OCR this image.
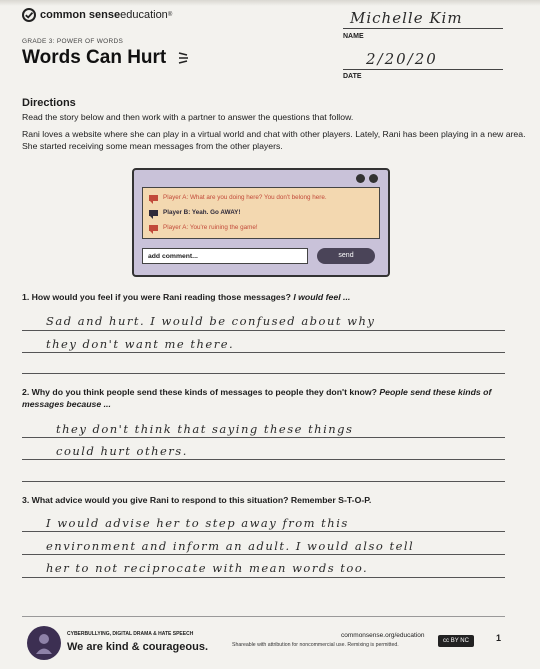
common sense education ®
GRADE 3: POWER OF WORDS
Words Can Hurt
Michelle Kim
NAME
2/20/20
DATE
Directions
Read the story below and then work with a partner to answer the questions that follow.
Rani loves a website where she can play in a virtual world and chat with other players. Lately, Rani has been playing in a new area. She started receiving some mean messages from the other players.
Player A: What are you doing here? You don't belong here.
Player B: Yeah. Go AWAY!
Player A: You're ruining the game!
add comment...	send
1. How would you feel if you were Rani reading those messages? I would feel ...
Sad and hurt. I would be confused about why
they don't want me there.
2. Why do you think people send these kinds of messages to people they don't know? People send these kinds of messages because ...
they don't think that saying these things
could hurt others.
3. What advice would you give Rani to respond to this situation? Remember S-T-O-P.
I would advise her to step away from this
environment and inform an adult. I would also tell
her to not reciprocate with mean words too.
CYBERBULLYING, DIGITAL DRAMA & HATE SPEECH
We are kind & courageous.
commonsense.org/education
Shareable with attribution for noncommercial use. Remixing is permitted.
cc BY NC	1
